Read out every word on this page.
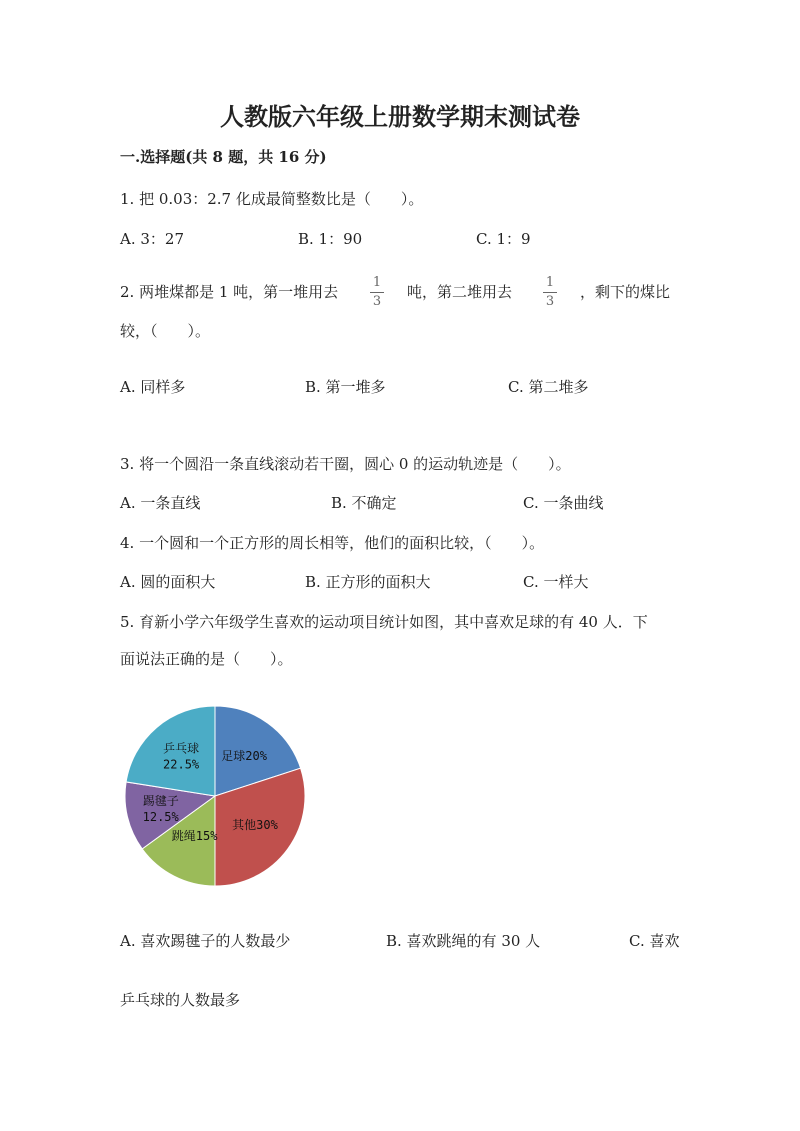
人教版六年级上册数学期末测试卷
一.选择题(共 8 题，共 16 分)
1. 把 0.03：2.7 化成最简整数比是（　　）。
A. 3：27	B. 1：90	C. 1：9
2. 两堆煤都是 1 吨，第一堆用去
1
3
吨，第二堆用去
1
3
，剩下的煤比
较，（　　）。
A. 同样多	B. 第一堆多	C. 第二堆多
3. 将一个圆沿一条直线滚动若干圈，圆心 0 的运动轨迹是（　　）。
A. 一条直线	B. 不确定	C. 一条曲线
4. 一个圆和一个正方形的周长相等，他们的面积比较，（　　）。
A. 圆的面积大	B. 正方形的面积大	C. 一样大
5. 育新小学六年级学生喜欢的运动项目统计如图，其中喜欢足球的有 40 人．下
面说法正确的是（　　）。
足球20%
其他30%
跳绳15%
踢毽子 12.5%
乒乓球 22.5%
A. 喜欢踢毽子的人数最少	B. 喜欢跳绳的有 30 人	C. 喜欢
乒乓球的人数最多
